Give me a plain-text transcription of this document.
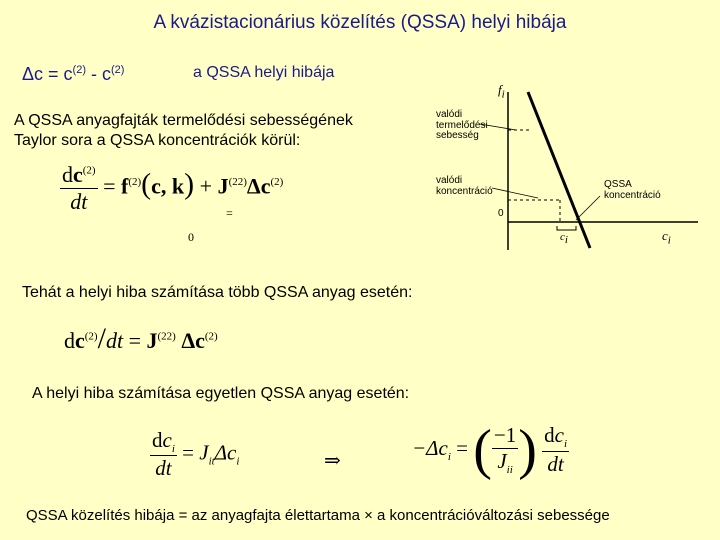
A kvázistacionárius közelítés (QSSA) helyi hibája
$\Delta c = c^{(2)} - c^{(2)}$	a QSSA helyi hibája
A QSSA anyagfajták termelődési sebességének
Taylor sora a QSSA koncentrációk körül:
$\frac{dc^{(2)}}{dt} = f^{(2)}(c$, $k) + J^{(22)}\Delta c^{(2)}$
=
0
Tehát a helyi hiba számítása több QSSA anyag esetén:
$dc^{(2)}/dt = J^{(22)}$ $\Delta c^{(2)}$
A helyi hiba számítása egyetlen QSSA anyag esetén:
$\frac{dc_i}{dt} = J_{it}\Delta c_i$	⇒
$-\Delta c_i$ = ( $\frac{-1}{J_{ii}}$ ) $\frac{dc_i}{dt}$
QSSA közelítés hibája = az anyagfajta élettartama × a koncentrációváltozási sebessége
$f_i$
$c_i$
0
valódi
termelődési
sebesség
valódi
koncentráció
QSSA
koncentráció
ci
